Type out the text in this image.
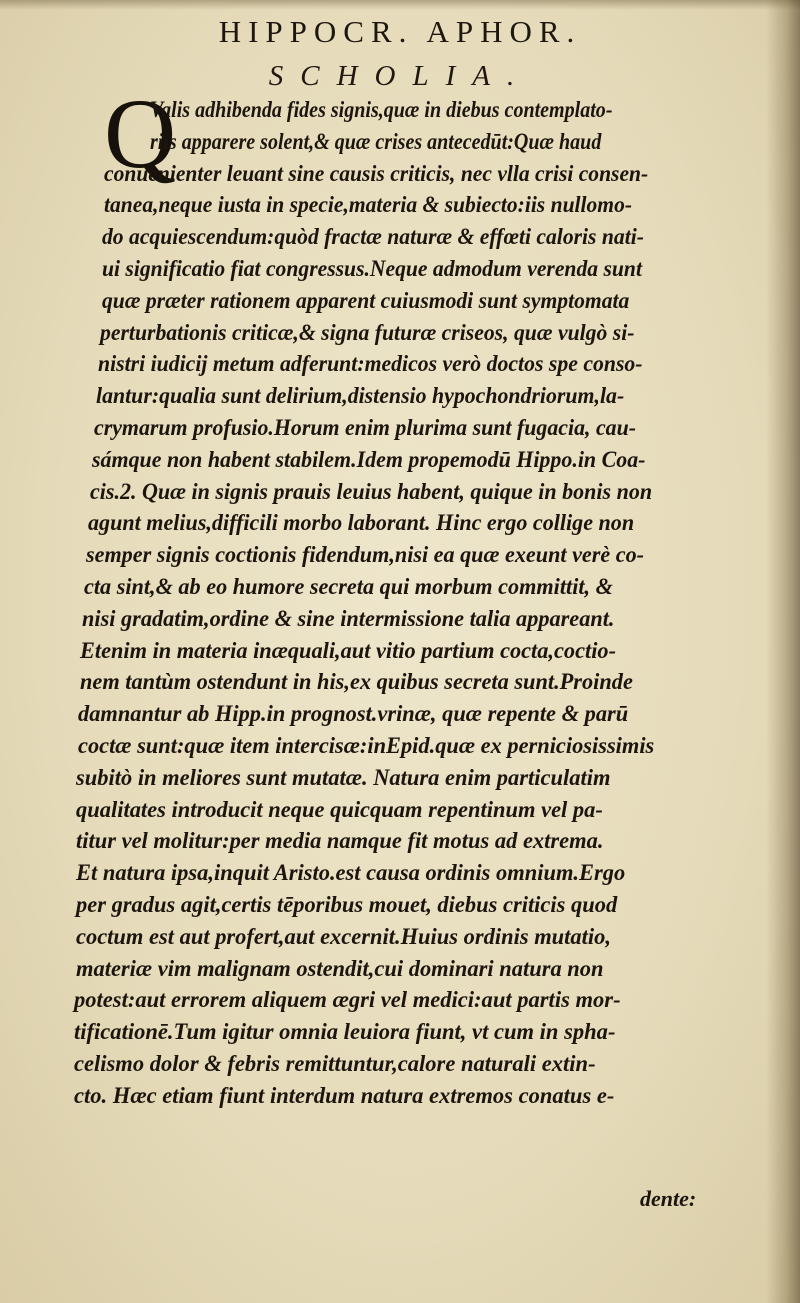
HIPPOCR. APHOR.
SCHOLIA.
Q
Valis adhibenda fides signis,quæ in diebus contemplato-
riis apparere solent,& quæ crises antecedūt:Quæ haud
conuenienter leuant sine causis criticis, nec vlla crisi consen-
tanea,neque iusta in specie,materia & subiecto:iis nullomo-
do acquiescendum:quòd fractæ naturæ & effœti caloris nati-
ui significatio fiat congressus.Neque admodum verenda sunt
quæ præter rationem apparent cuiusmodi sunt symptomata
perturbationis criticæ,& signa futuræ criseos, quæ vulgò si-
nistri iudicij metum adferunt:medicos verò doctos spe conso-
lantur:qualia sunt delirium,distensio hypochondriorum,la-
crymarum profusio.Horum enim plurima sunt fugacia, cau-
sámque non habent stabilem.Idem propemodū Hippo.in Coa-
cis.2. Quæ in signis prauis leuius habent, quique in bonis non
agunt melius,difficili morbo laborant. Hinc ergo collige non
semper signis coctionis fidendum,nisi ea quæ exeunt verè co-
cta sint,& ab eo humore secreta qui morbum committit, &
nisi gradatim,ordine & sine intermissione talia appareant.
Etenim in materia inæquali,aut vitio partium cocta,coctio-
nem tantùm ostendunt in his,ex quibus secreta sunt.Proinde
damnantur ab Hipp.in prognost.vrinæ, quæ repente & parū
coctæ sunt:quæ item intercisæ:inEpid.quæ ex perniciosissimis
subitò in meliores sunt mutatæ. Natura enim particulatim
qualitates introducit neque quicquam repentinum vel pa-
titur vel molitur:per media namque fit motus ad extrema.
Et natura ipsa,inquit Aristo.est causa ordinis omnium.Ergo
per gradus agit,certis tēporibus mouet, diebus criticis quod
coctum est aut profert,aut excernit.Huius ordinis mutatio,
materiæ vim malignam ostendit,cui dominari natura non
potest:aut errorem aliquem ægri vel medici:aut partis mor-
tificationē.Tum igitur omnia leuiora fiunt, vt cum in spha-
celismo dolor & febris remittuntur,calore naturali extin-
cto. Hæc etiam fiunt interdum natura extremos conatus e-
dente:
